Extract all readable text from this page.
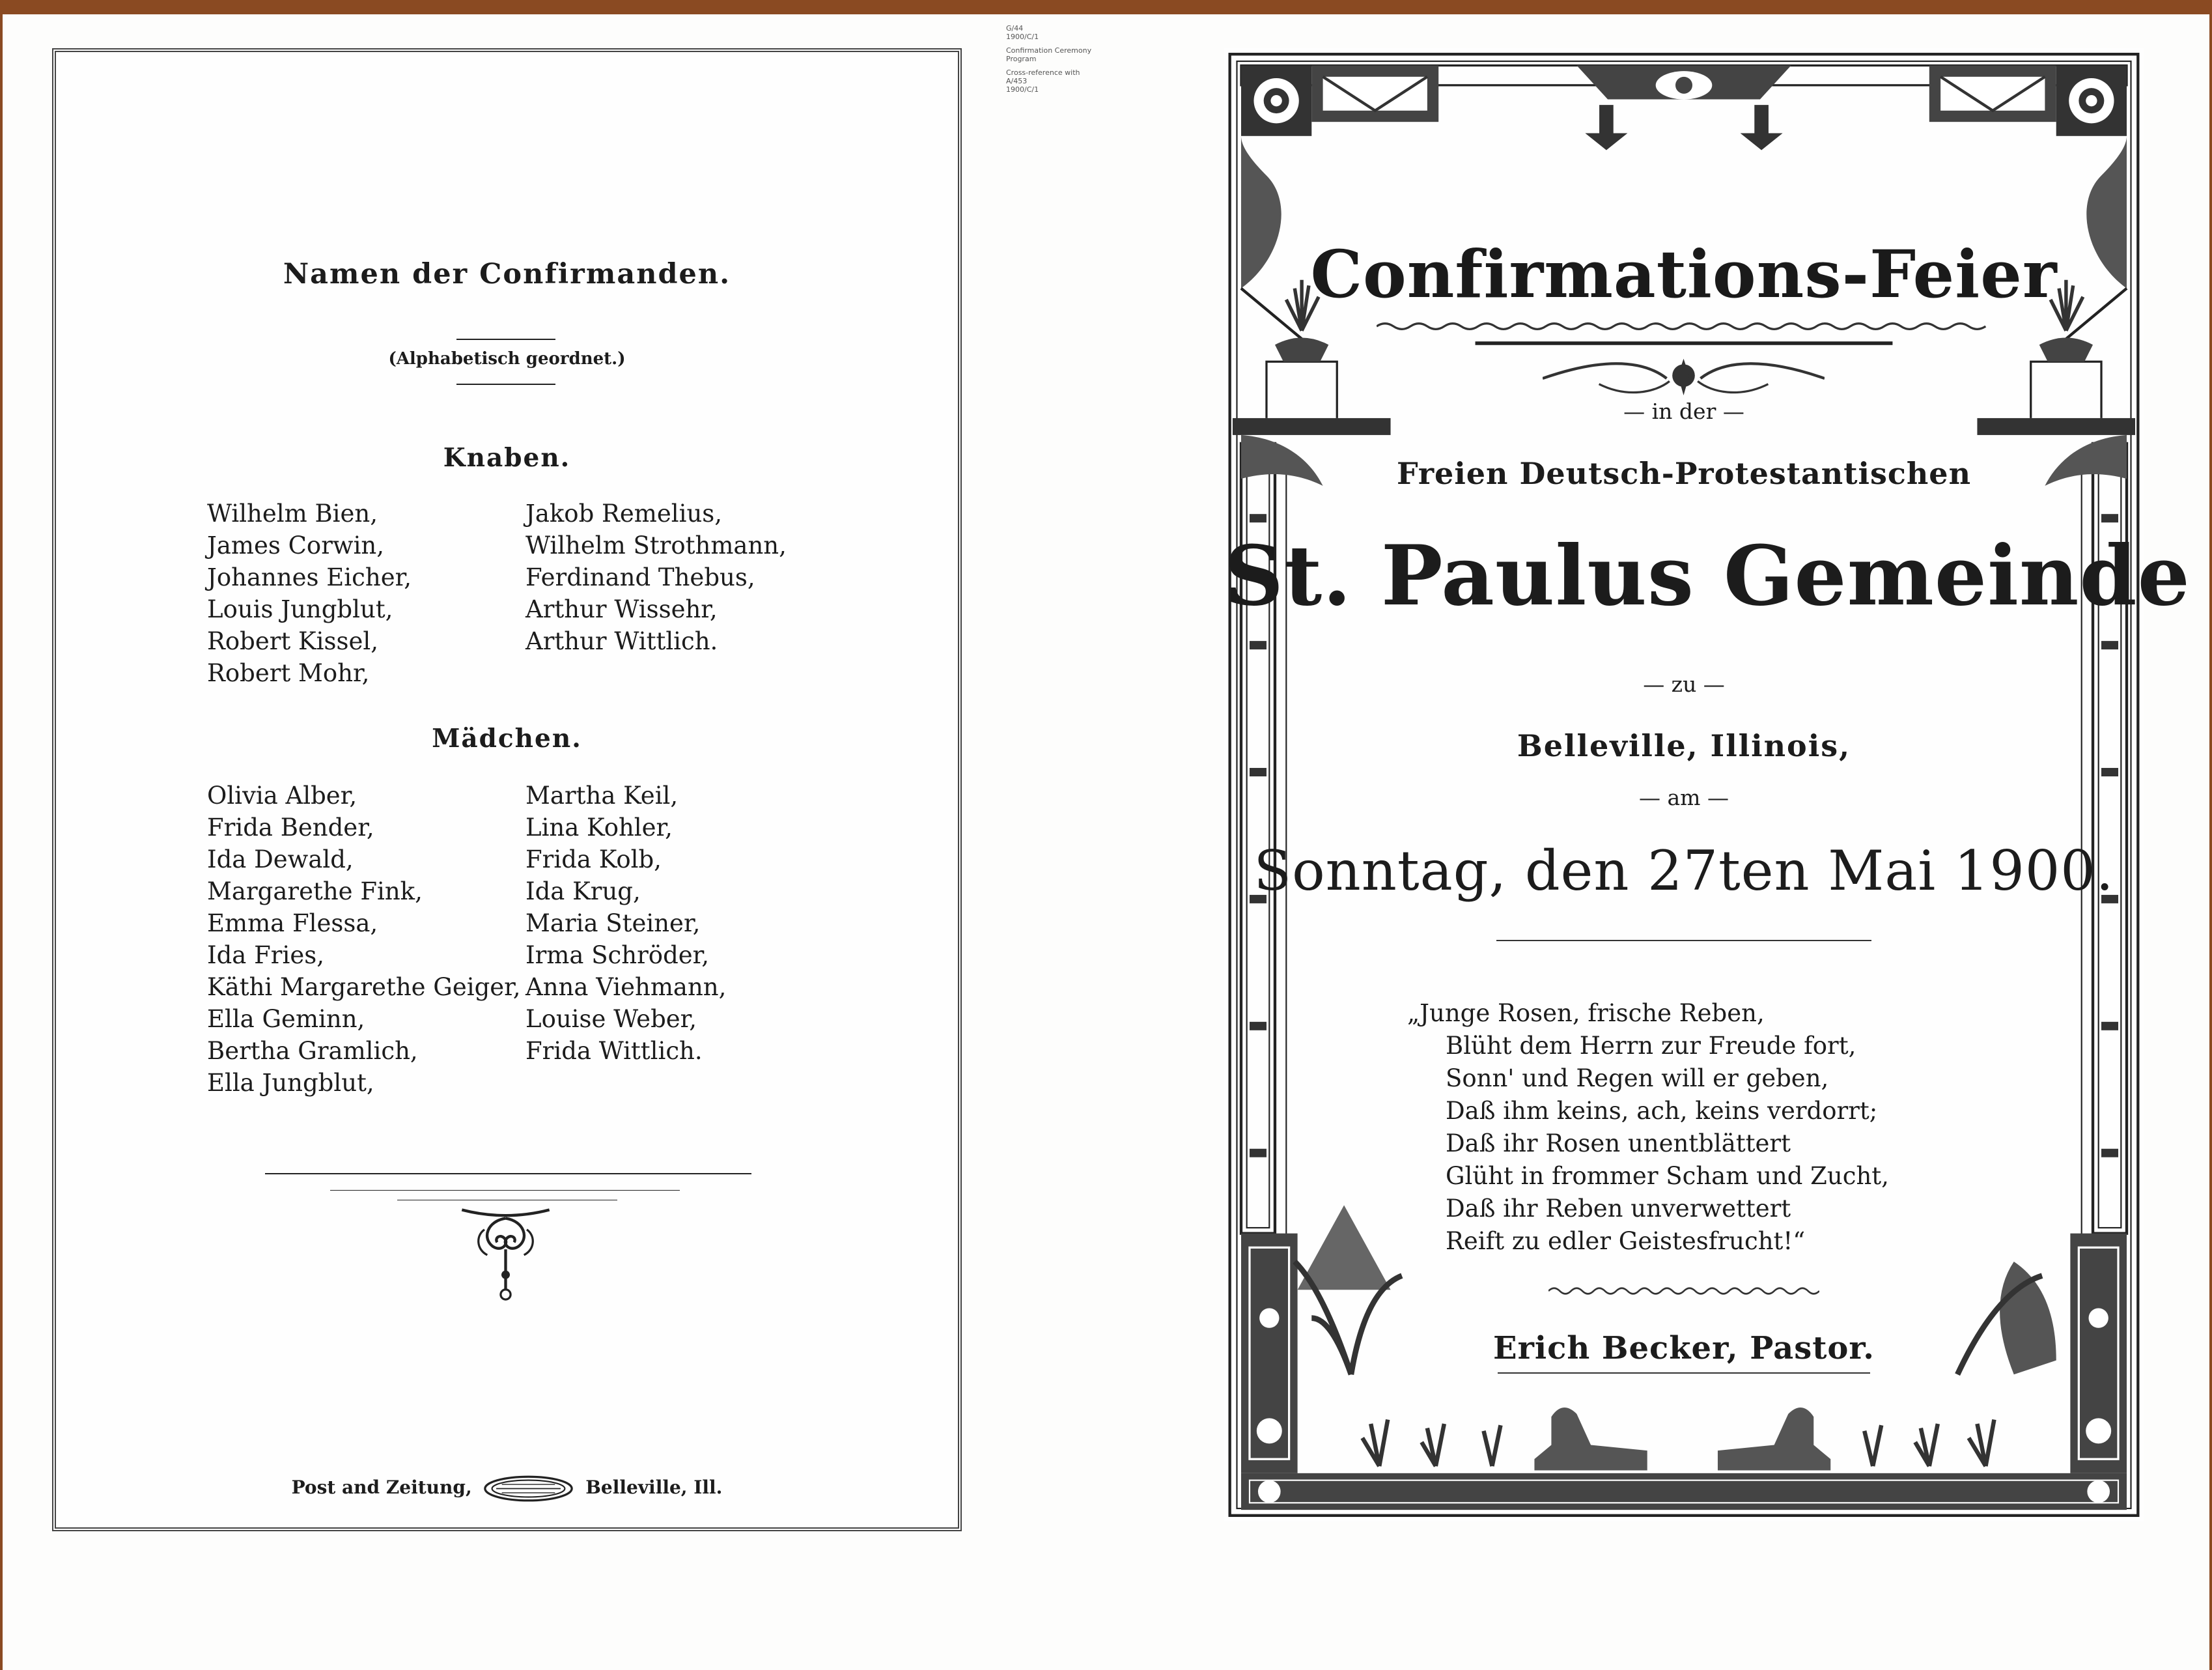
G/44
1900/C/1

Confirmation Ceremony Program

Cross-reference with
A/453
1900/C/1

Namen der Confirmanden.
(Alphabetisch geordnet.)
Knaben.
Wilhelm Bien,
James Corwin,
Johannes Eicher,
Louis Jungblut,
Robert Kissel,
Robert Mohr,
Jakob Remelius,
Wilhelm Strothmann,
Ferdinand Thebus,
Arthur Wissehr,
Arthur Wittlich.
Mädchen.
Olivia Alber,
Frida Bender,
Ida Dewald,
Margarethe Fink,
Emma Flessa,
Ida Fries,
Käthi Margarethe Geiger,
Ella Geminn,
Bertha Gramlich,
Ella Jungblut,
Martha Keil,
Lina Kohler,
Frida Kolb,
Ida Krug,
Maria Steiner,
Irma Schröder,
Anna Viehmann,
Louise Weber,
Frida Wittlich.
Post and Zeitung,	Belleville, Ill.
Confirmations-Feier
— in der —
Freien Deutsch-Protestantischen
St. Paulus Gemeinde
— zu —
Belleville, Illinois,
— am —
Sonntag, den 27ten Mai 1900.
„Junge Rosen, frische Reben,
Blüht dem Herrn zur Freude fort,
Sonn' und Regen will er geben,
Daß ihm keins, ach, keins verdorrt;
Daß ihr Rosen unentblättert
Glüht in frommer Scham und Zucht,
Daß ihr Reben unverwettert
Reift zu edler Geistesfrucht!“
Erich Becker, Pastor.
